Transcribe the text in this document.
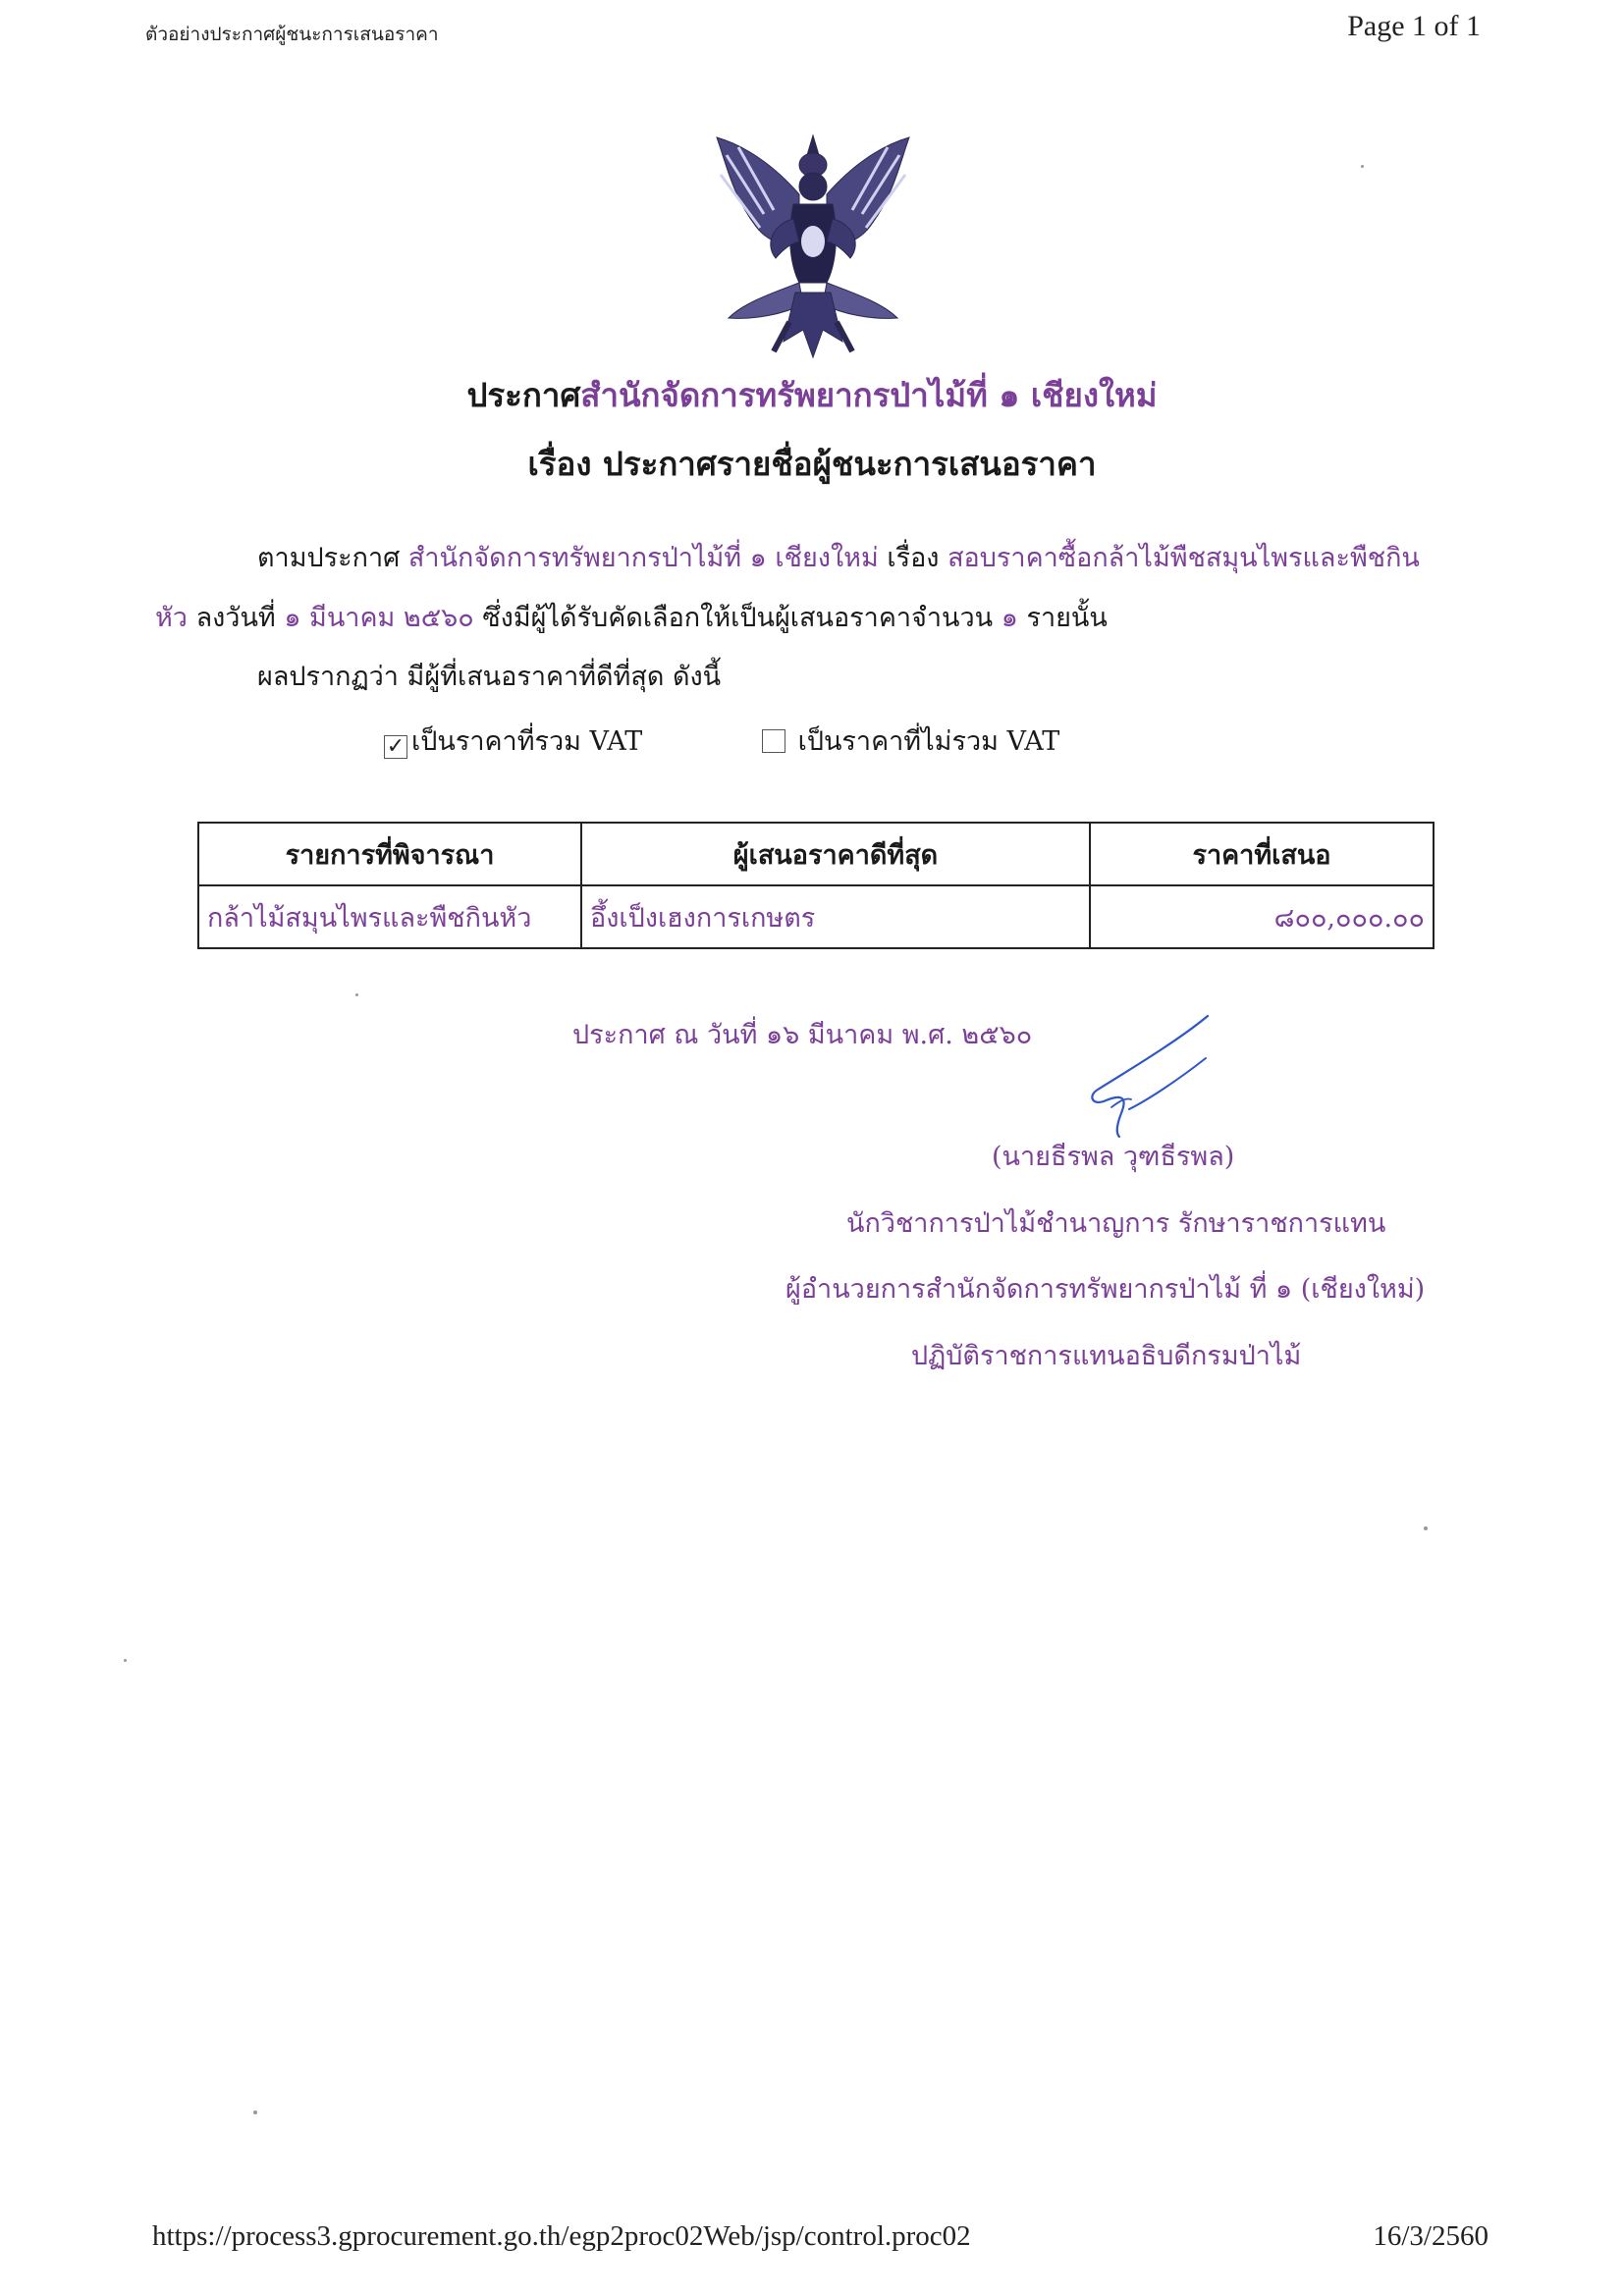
ตัวอย่างประกาศผู้ชนะการเสนอราคา	Page 1 of 1
ประกาศสำนักจัดการทรัพยากรป่าไม้ที่ ๑ เชียงใหม่
เรื่อง ประกาศรายชื่อผู้ชนะการเสนอราคา
ตามประกาศ สำนักจัดการทรัพยากรป่าไม้ที่ ๑ เชียงใหม่ เรื่อง สอบราคาซื้อกล้าไม้พืชสมุนไพรและพืชกิน
หัว ลงวันที่ ๑ มีนาคม ๒๕๖๐ ซึ่งมีผู้ได้รับคัดเลือกให้เป็นผู้เสนอราคาจำนวน ๑ รายนั้น
ผลปรากฏว่า มีผู้ที่เสนอราคาที่ดีที่สุด ดังนี้
✓ เป็นราคาที่รวม VAT	เป็นราคาที่ไม่รวม VAT
รายการที่พิจารณา	ผู้เสนอราคาดีที่สุด	ราคาที่เสนอ
กล้าไม้สมุนไพรและพืชกินหัว	อึ้งเป็งเฮงการเกษตร	๘๐๐,๐๐๐.๐๐
ประกาศ ณ วันที่ ๑๖ มีนาคม พ.ศ. ๒๕๖๐
(นายธีรพล วุฑธีรพล)
นักวิชาการป่าไม้ชำนาญการ รักษาราชการแทน
ผู้อำนวยการสำนักจัดการทรัพยากรป่าไม้ ที่ ๑ (เชียงใหม่)
ปฏิบัติราชการแทนอธิบดีกรมป่าไม้
https://process3.gprocurement.go.th/egp2proc02Web/jsp/control.proc02	16/3/2560
